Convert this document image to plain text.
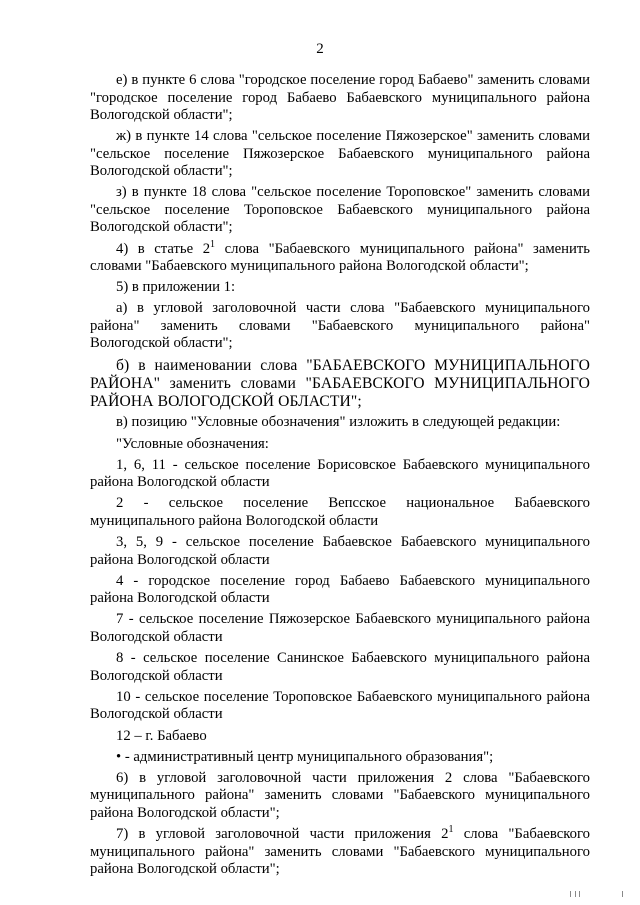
2

е) в пункте 6 слова "городское поселение город Бабаево" заменить словами "городское поселение город Бабаево Бабаевского муниципального района Вологодской области";

ж) в пункте 14 слова "сельское поселение Пяжозерское" заменить словами "сельское поселение Пяжозерское Бабаевского муниципального района Вологодской области";

з) в пункте 18 слова "сельское поселение Тороповское" заменить словами "сельское поселение Тороповское Бабаевского муниципального района Вологодской области";

4) в статье $2^1$ слова "Бабаевского муниципального района" заменить словами "Бабаевского муниципального района Вологодской области";

5) в приложении 1:

а) в угловой заголовочной части слова "Бабаевского муниципального района" заменить словами "Бабаевского муниципального района"

Вологодской области";

б) в наименовании слова "БАБАЕВСКОГО МУНИЦИПАЛЬНОГО РАЙОНА" заменить словами "БАБАЕВСКОГО МУНИЦИПАЛЬНОГО

РАЙОНА ВОЛОГОДСКОЙ ОБЛАСТИ";

в) позицию "Условные обозначения" изложить в следующей редакции:

"Условные обозначения:

1, 6, 11 - сельское поселение Борисовское Бабаевского муниципального района Вологодской области

2 - сельское поселение Вепсское национальное Бабаевского муниципального района Вологодской области

3, 5, 9 - сельское поселение Бабаевское Бабаевского муниципального района Вологодской области

4 - городское поселение город Бабаево Бабаевского муниципального района Вологодской области

7 - сельское поселение Пяжозерское Бабаевского муниципального района Вологодской области

8 - сельское поселение Санинское Бабаевского муниципального района Вологодской области

10 - сельское поселение Тороповское Бабаевского муниципального района Вологодской области

12 – г. Бабаево

• - административный центр муниципального образования";

6) в угловой заголовочной части приложения 2 слова "Бабаевского муниципального района" заменить словами "Бабаевского муниципального района Вологодской области";

7) в угловой заголовочной части приложения $2^1$ слова "Бабаевского муниципального района" заменить словами "Бабаевского муниципального района Вологодской области";
